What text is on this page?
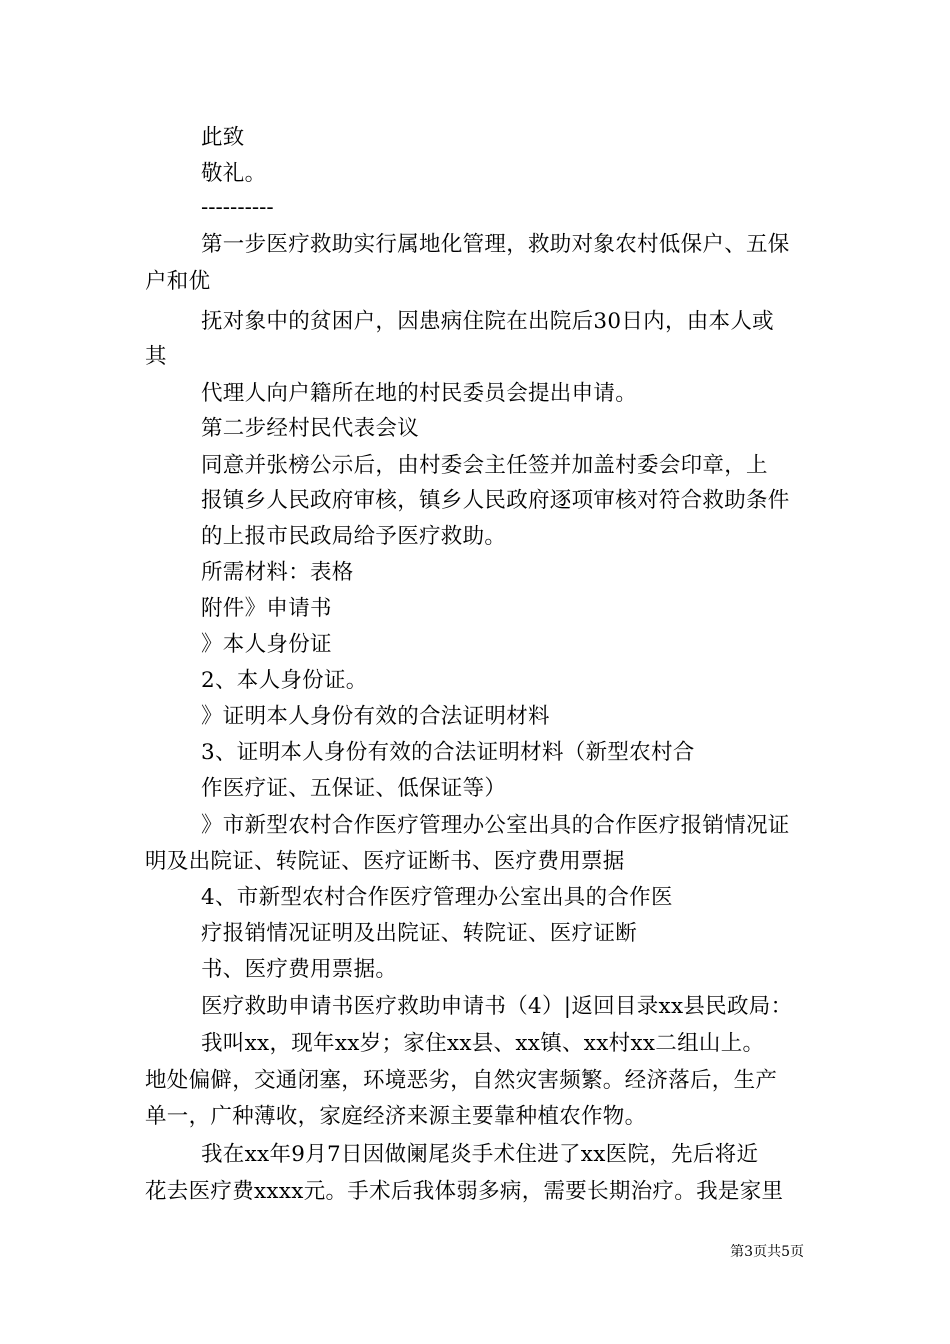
此致
敬礼。
----------
第一步医疗救助实行属地化管理，救助对象农村低保户、五保
户和优
抚对象中的贫困户，因患病住院在出院后30日内，由本人或
其
代理人向户籍所在地的村民委员会提出申请。
第二步经村民代表会议
同意并张榜公示后，由村委会主任签并加盖村委会印章，上
报镇乡人民政府审核，镇乡人民政府逐项审核对符合救助条件
的上报市民政局给予医疗救助。
所需材料：表格
附件》申请书
》本人身份证
2、本人身份证。
》证明本人身份有效的合法证明材料
3、证明本人身份有效的合法证明材料（新型农村合
作医疗证、五保证、低保证等）
》市新型农村合作医疗管理办公室出具的合作医疗报销情况证
明及出院证、转院证、医疗证断书、医疗费用票据
4、市新型农村合作医疗管理办公室出具的合作医
疗报销情况证明及出院证、转院证、医疗证断
书、医疗费用票据。
医疗救助申请书医疗救助申请书（4）|返回目录xx县民政局：
我叫xx，现年xx岁；家住xx县、xx镇、xx村xx二组山上。
地处偏僻，交通闭塞，环境恶劣，自然灾害频繁。经济落后，生产
单一，广种薄收，家庭经济来源主要靠种植农作物。
我在xx年9月7日因做阑尾炎手术住进了xx医院，先后将近
花去医疗费xxxx元。手术后我体弱多病，需要长期治疗。我是家里
第3页共5页
